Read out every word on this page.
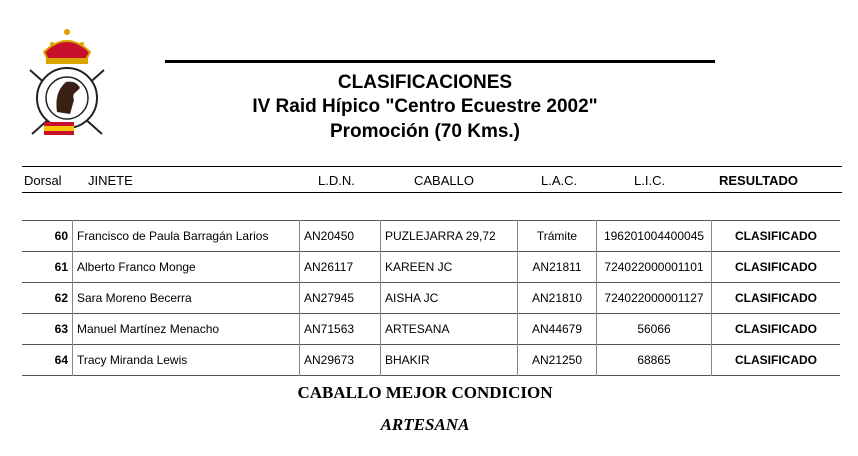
CLASIFICACIONES
IV Raid Hípico "Centro Ecuestre 2002"
Promoción (70 Kms.)
Dorsal JINETE	L.D.N.	CABALLO	L.A.C.	L.I.C.	RESULTADO
60	Francisco de Paula Barragán Larios	AN20450	PUZLEJARRA 29,72	Trámite	196201004400045	CLASIFICADO
61	Alberto Franco Monge	AN26117	KAREEN JC	AN21811	724022000001101	CLASIFICADO
62	Sara Moreno Becerra	AN27945	AISHA JC	AN21810	724022000001127	CLASIFICADO
63	Manuel Martínez Menacho	AN71563	ARTESANA	AN44679	56066	CLASIFICADO
64	Tracy Miranda Lewis	AN29673	BHAKIR	AN21250	68865	CLASIFICADO
CABALLO MEJOR CONDICION
ARTESANA
